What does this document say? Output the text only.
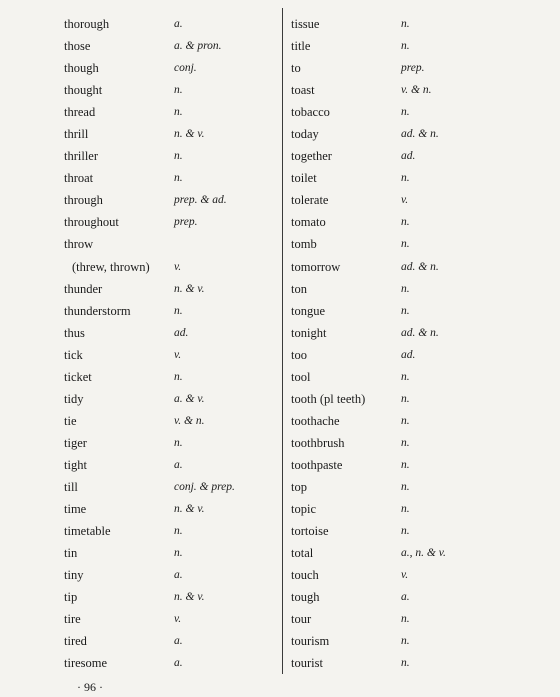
thorough	a.
those	a. & pron.
though	conj.
thought	n.
thread	n.
thrill	n. & v.
thriller	n.
throat	n.
through	prep. & ad.
throughout	prep.
throw
(threw, thrown) v.
thunder	n. & v.
thunderstorm	n.
thus	ad.
tick	v.
ticket	n.
tidy	a. & v.
tie	v. & n.
tiger	n.
tight	a.
till	conj. & prep.
time	n. & v.
timetable	n.
tin	n.
tiny	a.
tip	n. & v.
tire	v.
tired	a.
tiresome	a.
tissue	n.
title	n.
to	prep.
toast	v. & n.
tobacco	n.
today	ad. & n.
together	ad.
toilet	n.
tolerate	v.
tomato	n.
tomb	n.
tomorrow	ad. & n.
ton	n.
tongue	n.
tonight	ad. & n.
too	ad.
tool	n.
tooth (pl teeth)	n.
toothache	n.
toothbrush	n.
toothpaste	n.
top	n.
topic	n.
tortoise	n.
total	a., n. & v.
touch	v.
tough	a.
tour	n.
tourism	n.
tourist	n.
· 96 ·
